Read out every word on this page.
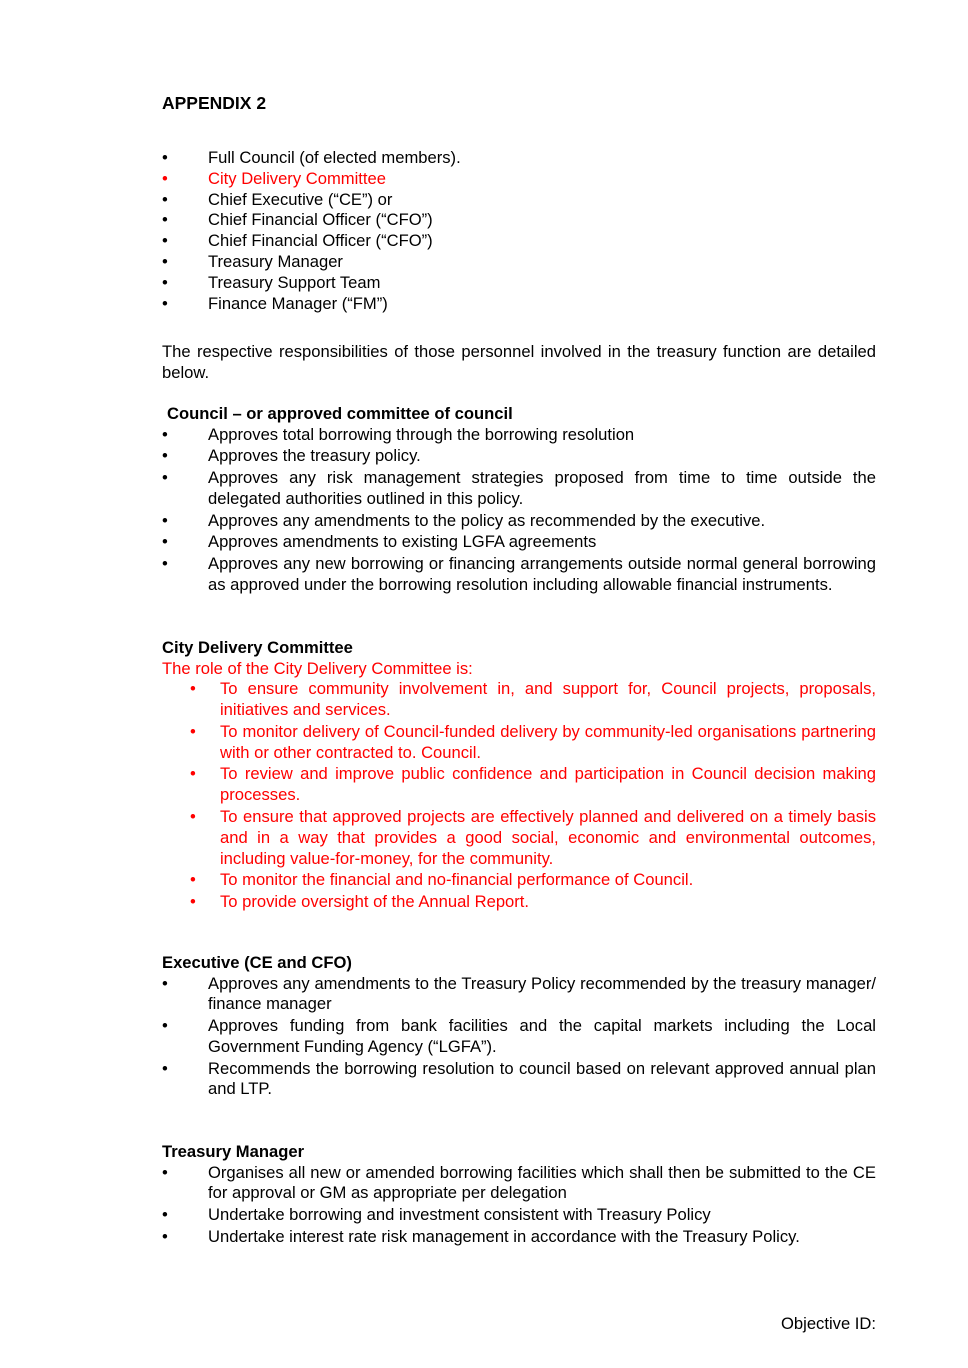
APPENDIX 2
• Full Council (of elected members).
• City Delivery Committee
• Chief Executive (“CE”) or
• Chief Financial Officer (“CFO”)
• Chief Financial Officer (“CFO”)
• Treasury Manager
• Treasury Support Team
• Finance Manager (“FM”)

The respective responsibilities of those personnel involved in the treasury function are detailed below.

Council – or approved committee of council
• Approves total borrowing through the borrowing resolution
• Approves the treasury policy.
• Approves any risk management strategies proposed from time to time outside the delegated authorities outlined in this policy.
• Approves any amendments to the policy as recommended by the executive.
• Approves amendments to existing LGFA agreements
• Approves any new borrowing or financing arrangements outside normal general borrowing as approved under the borrowing resolution including allowable financial instruments.
City Delivery Committee

The role of the City Delivery Committee is:

• To ensure community involvement in, and support for, Council projects, proposals, initiatives and services.
• To monitor delivery of Council-funded delivery by community-led organisations partnering with or other contracted to. Council.
• To review and improve public confidence and participation in Council decision making processes.
• To ensure that approved projects are effectively planned and delivered on a timely basis and in a way that provides a good social, economic and environmental outcomes, including value-for-money, for the community.
• To monitor the financial and no-financial performance of Council.
• To provide oversight of the Annual Report.
Executive (CE and CFO)
• Approves any amendments to the Treasury Policy recommended by the treasury manager/ finance manager
• Approves funding from bank facilities and the capital markets including the Local Government Funding Agency (“LGFA”).
• Recommends the borrowing resolution to council based on relevant approved annual plan and LTP.
Treasury Manager
• Organises all new or amended borrowing facilities which shall then be submitted to the CE for approval or GM as appropriate per delegation
• Undertake borrowing and investment consistent with Treasury Policy
• Undertake interest rate risk management in accordance with the Treasury Policy.
Objective ID:
